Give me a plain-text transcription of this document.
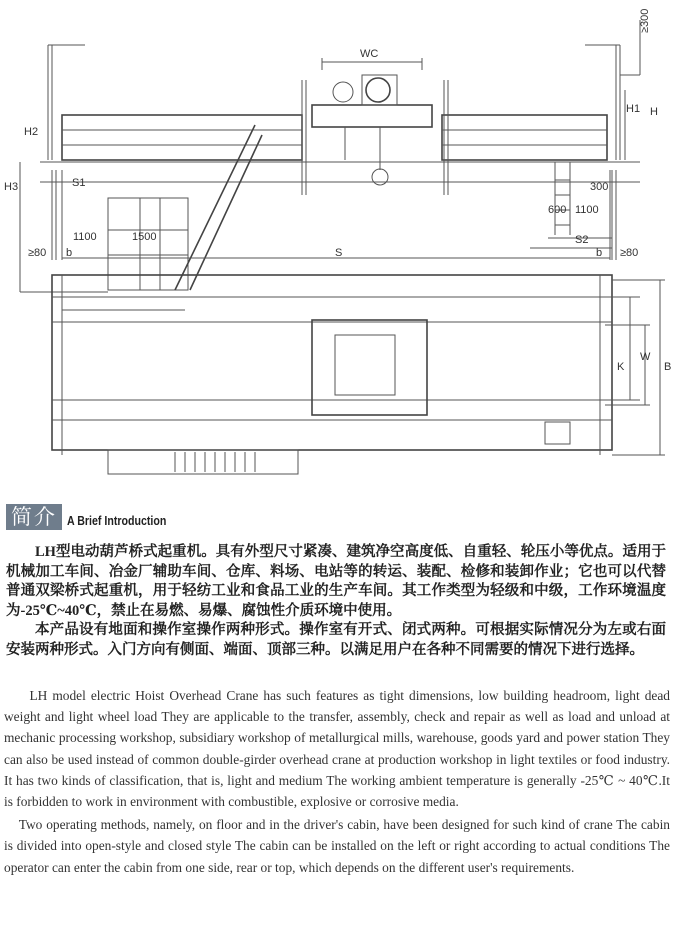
WC
≥300
H
H1
H2
H3	S1
S2
300
600 1100
1100	1500
≥80	≥80
b	b
S
K
W
B
简介 A Brief Introduction

LH型电动葫芦桥式起重机。具有外型尺寸紧凑、建筑净空高度低、自重轻、轮压小等优点。适用于机械加工车间、冶金厂辅助车间、仓库、料场、电站等的转运、装配、检修和装卸作业；它也可以代替普通双梁桥式起重机，用于轻纺工业和食品工业的生产车间。其工作类型为轻级和中级，工作环境温度为-25℃~40℃，禁止在易燃、易爆、腐蚀性介质环境中使用。

本产品设有地面和操作室操作两种形式。操作室有开式、闭式两种。可根据实际情况分为左或右面安装两种形式。入门方向有侧面、端面、顶部三种。以满足用户在各种不同需要的情况下进行选择。

LH model electric Hoist Overhead Crane has such features as tight dimensions, low building headroom, light dead weight and light wheel load They are applicable to the transfer, assembly, check and repair as well as load and unload at mechanic processing workshop, subsidiary workshop of metallurgical mills, warehouse, goods yard and power station They can also be used instead of common double-girder overhead crane at production workshop in light textiles or food industry. It has two kinds of classification, that is, light and medium The working ambient temperature is generally -25℃ ~ 40℃.It is forbidden to work in environment with combustible, explosive or corrosive media.

Two operating methods, namely, on floor and in the driver's cabin, have been designed for such kind of crane The cabin is divided into open-style and closed style The cabin can be installed on the left or right according to actual conditions The operator can enter the cabin from one side, rear or top, which depends on the different user's requirements.
